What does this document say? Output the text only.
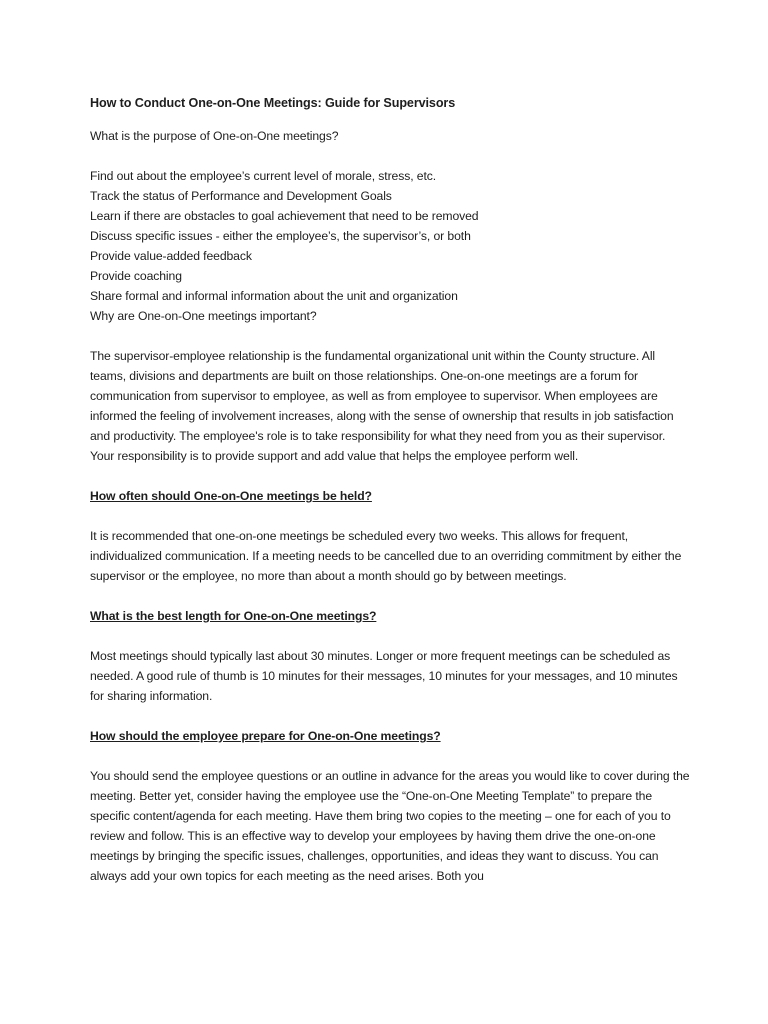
How to Conduct One-on-One Meetings: Guide for Supervisors
What is the purpose of One-on-One meetings?
Find out about the employee’s current level of morale, stress, etc.
Track the status of Performance and Development Goals
Learn if there are obstacles to goal achievement that need to be removed
Discuss specific issues - either the employee’s, the supervisor’s, or both
Provide value-added feedback
Provide coaching
Share formal and informal information about the unit and organization
Why are One-on-One meetings important?

The supervisor-employee relationship is the fundamental organizational unit within the County structure. All teams, divisions and departments are built on those relationships. One-on-one meetings are a forum for communication from supervisor to employee, as well as from employee to supervisor. When employees are informed the feeling of involvement increases, along with the sense of ownership that results in job satisfaction and productivity. The employee's role is to take responsibility for what they need from you as their supervisor. Your responsibility is to provide support and add value that helps the employee perform well.

How often should One-on-One meetings be held?

It is recommended that one-on-one meetings be scheduled every two weeks. This allows for frequent, individualized communication. If a meeting needs to be cancelled due to an overriding commitment by either the supervisor or the employee, no more than about a month should go by between meetings.

What is the best length for One-on-One meetings?

Most meetings should typically last about 30 minutes. Longer or more frequent meetings can be scheduled as needed. A good rule of thumb is 10 minutes for their messages, 10 minutes for your messages, and 10 minutes for sharing information.

How should the employee prepare for One-on-One meetings?

You should send the employee questions or an outline in advance for the areas you would like to cover during the meeting. Better yet, consider having the employee use the “One-on-One Meeting Template” to prepare the specific content/agenda for each meeting. Have them bring two copies to the meeting – one for each of you to review and follow. This is an effective way to develop your employees by having them drive the one-on-one meetings by bringing the specific issues, challenges, opportunities, and ideas they want to discuss. You can always add your own topics for each meeting as the need arises. Both you
